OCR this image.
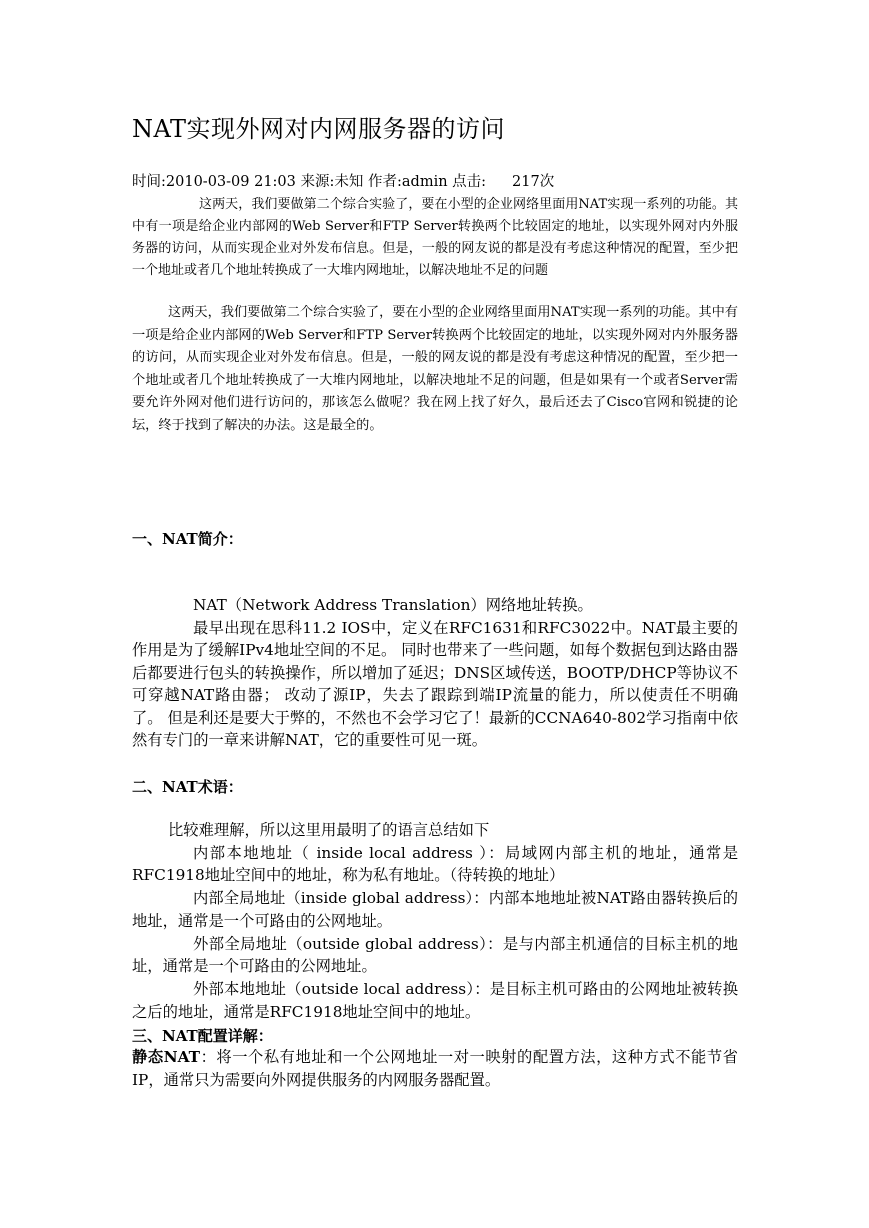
NAT实现外网对内网服务器的访问
时间:2010-03-09 21:03 来源:未知 作者:admin 点击: 217次

这两天，我们要做第二个综合实验了，要在小型的企业网络里面用NAT实现一系列的功能。其中有一项是给企业内部网的Web Server和FTP Server转换两个比较固定的地址，以实现外网对内外服务器的访问，从而实现企业对外发布信息。但是，一般的网友说的都是没有考虑这种情况的配置，至少把一个地址或者几个地址转换成了一大堆内网地址，以解决地址不足的问题

这两天，我们要做第二个综合实验了，要在小型的企业网络里面用NAT实现一系列的功能。其中有一项是给企业内部网的Web Server和FTP Server转换两个比较固定的地址，以实现外网对内外服务器的访问，从而实现企业对外发布信息。但是，一般的网友说的都是没有考虑这种情况的配置，至少把一个地址或者几个地址转换成了一大堆内网地址，以解决地址不足的问题，但是如果有一个或者Server需要允许外网对他们进行访问的，那该怎么做呢？我在网上找了好久，最后还去了Cisco官网和锐捷的论坛，终于找到了解决的办法。这是最全的。

一、NAT简介：

NAT（Network Address Translation）网络地址转换。

最早出现在思科11.2 IOS中，定义在RFC1631和RFC3022中。NAT最主要的作用是为了缓解IPv4地址空间的不足。 同时也带来了一些问题，如每个数据包到达路由器后都要进行包头的转换操作，所以增加了延迟；DNS区域传送，BOOTP/DHCP等协议不可穿越NAT路由器； 改动了源IP，失去了跟踪到端IP流量的能力，所以使责任不明确了。 但是利还是要大于弊的，不然也不会学习它了！最新的CCNA640-802学习指南中依然有专门的一章来讲解NAT，它的重要性可见一斑。

二、NAT术语：

比较难理解，所以这里用最明了的语言总结如下

内部本地地址（ inside local address ）：局域网内部主机的地址，通常是RFC1918地址空间中的地址，称为私有地址。（待转换的地址）

内部全局地址（inside global address）：内部本地地址被NAT路由器转换后的地址，通常是一个可路由的公网地址。

外部全局地址（outside global address）：是与内部主机通信的目标主机的地址，通常是一个可路由的公网地址。

外部本地地址（outside local address）：是目标主机可路由的公网地址被转换之后的地址，通常是RFC1918地址空间中的地址。

三、NAT配置详解：

静态NAT：将一个私有地址和一个公网地址一对一映射的配置方法，这种方式不能节省IP，通常只为需要向外网提供服务的内网服务器配置。
